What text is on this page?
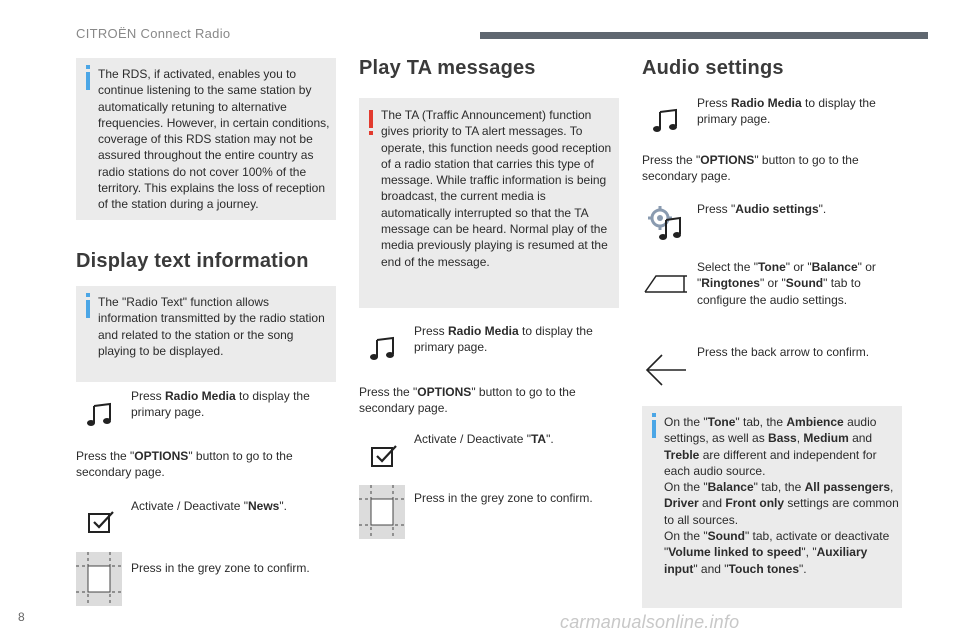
CITROËN Connect Radio
The RDS, if activated, enables you to continue listening to the same station by automatically retuning to alternative frequencies. However, in certain conditions, coverage of this RDS station may not be assured throughout the entire country as radio stations do not cover 100% of the territory. This explains the loss of reception of the station during a journey.
Display text information
The "Radio Text" function allows information transmitted by the radio station and related to the station or the song playing to be displayed.
Press Radio Media to display the primary page.
Press the "OPTIONS" button to go to the secondary page.
Activate / Deactivate "News".
Press in the grey zone to confirm.
Play TA messages
The TA (Traffic Announcement) function gives priority to TA alert messages. To operate, this function needs good reception of a radio station that carries this type of message. While traffic information is being broadcast, the current media is automatically interrupted so that the TA message can be heard. Normal play of the media previously playing is resumed at the end of the message.
Press Radio Media to display the primary page.
Press the "OPTIONS" button to go to the secondary page.
Activate / Deactivate "TA".
Press in the grey zone to confirm.
Audio settings
Press Radio Media to display the primary page.
Press the "OPTIONS" button to go to the secondary page.
Press "Audio settings".
Select the "Tone" or "Balance" or "Ringtones" or "Sound" tab to configure the audio settings.
Press the back arrow to confirm.
On the "Tone" tab, the Ambience audio settings, as well as Bass, Medium and Treble are different and independent for each audio source.
On the "Balance" tab, the All passengers, Driver and Front only settings are common to all sources.
On the "Sound" tab, activate or deactivate "Volume linked to speed", "Auxiliary input" and "Touch tones".
8	carmanualsonline.info
